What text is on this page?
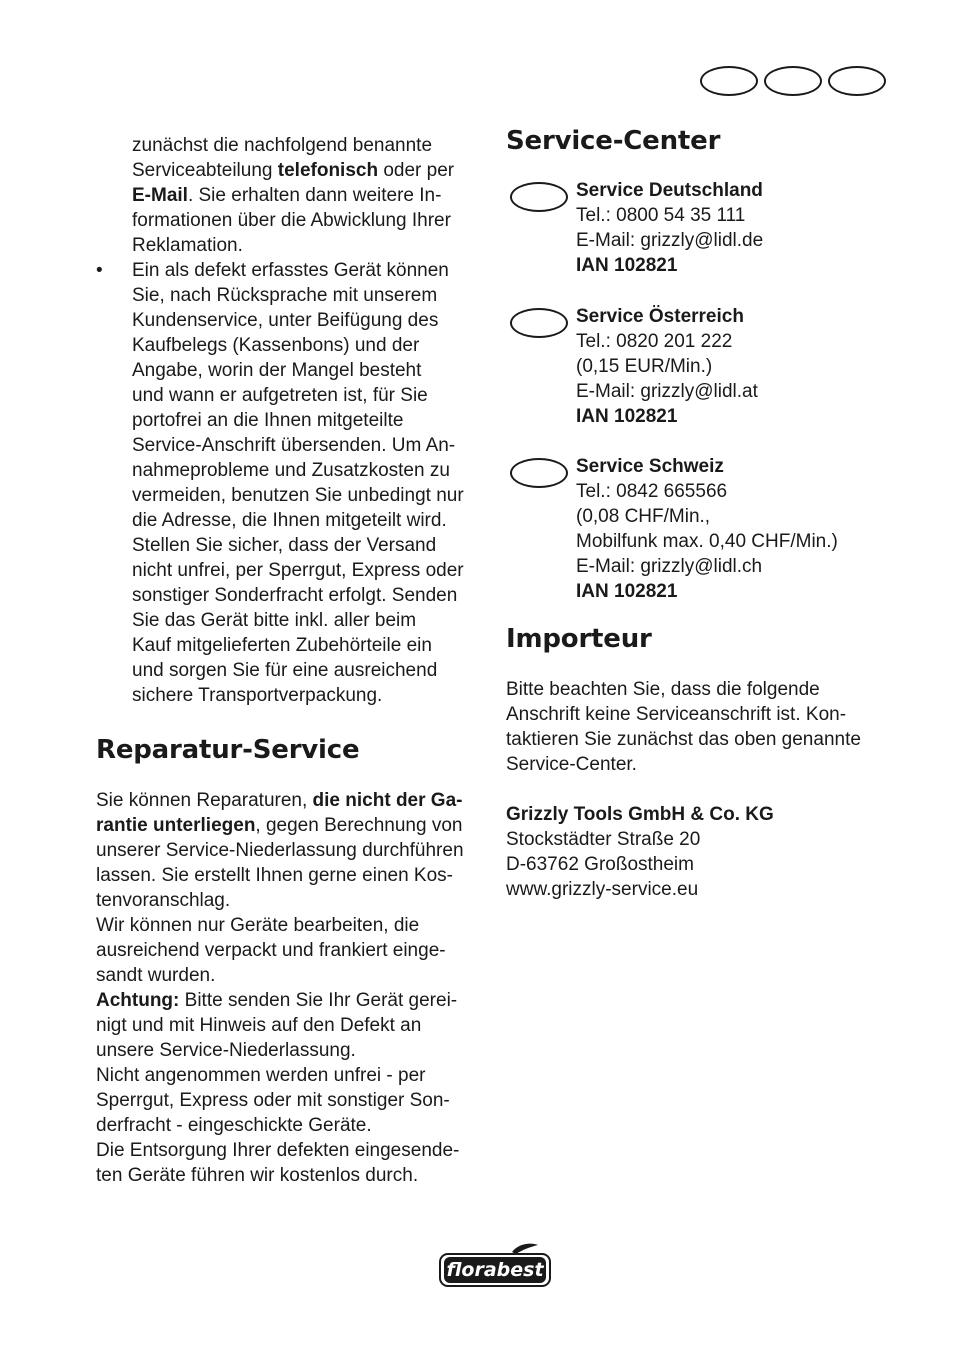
zunächst die nachfolgend benannte

Serviceabteilung telefonisch oder per

E-Mail. Sie erhalten dann weitere In-

formationen über die Abwicklung Ihrer

Reklamation.

•	Ein als defekt erfasstes Gerät können

Sie, nach Rücksprache mit unserem

Kundenservice, unter Beifügung des

Kaufbelegs (Kassenbons) und der

Angabe, worin der Mangel besteht

und wann er aufgetreten ist, für Sie

portofrei an die Ihnen mitgeteilte

Service-Anschrift übersenden. Um An-

nahmeprobleme und Zusatzkosten zu

vermeiden, benutzen Sie unbedingt nur

die Adresse, die Ihnen mitgeteilt wird.

Stellen Sie sicher, dass der Versand

nicht unfrei, per Sperrgut, Express oder

sonstiger Sonderfracht erfolgt. Senden

Sie das Gerät bitte inkl. aller beim

Kauf mitgelieferten Zubehörteile ein

und sorgen Sie für eine ausreichend

sichere Transportverpackung.

Reparatur-Service

Sie können Reparaturen, die nicht der Ga-

rantie unterliegen, gegen Berechnung von

unserer Service-Niederlassung durchführen

lassen. Sie erstellt Ihnen gerne einen Kos-

tenvoranschlag.

Wir können nur Geräte bearbeiten, die

ausreichend verpackt und frankiert einge-

sandt wurden.

Achtung: Bitte senden Sie Ihr Gerät gerei-

nigt und mit Hinweis auf den Defekt an

unsere Service-Niederlassung.

Nicht angenommen werden unfrei - per

Sperrgut, Express oder mit sonstiger Son-

derfracht - eingeschickte Geräte.

Die Entsorgung Ihrer defekten eingesende-

ten Geräte führen wir kostenlos durch.

Service-Center

Service Deutschland

Tel.: 0800 54 35 111

E-Mail: grizzly@lidl.de

IAN 102821

Service Österreich

Tel.: 0820 201 222

(0,15 EUR/Min.)

E-Mail: grizzly@lidl.at

IAN 102821

Service Schweiz

Tel.: 0842 665566

(0,08 CHF/Min.,

Mobilfunk max. 0,40 CHF/Min.)

E-Mail: grizzly@lidl.ch

IAN 102821

Importeur

Bitte beachten Sie, dass die folgende

Anschrift keine Serviceanschrift ist. Kon-

taktieren Sie zunächst das oben genannte

Service-Center.

Grizzly Tools GmbH & Co. KG

Stockstädter Straße 20

D-63762 Großostheim

www.grizzly-service.eu

florabest
